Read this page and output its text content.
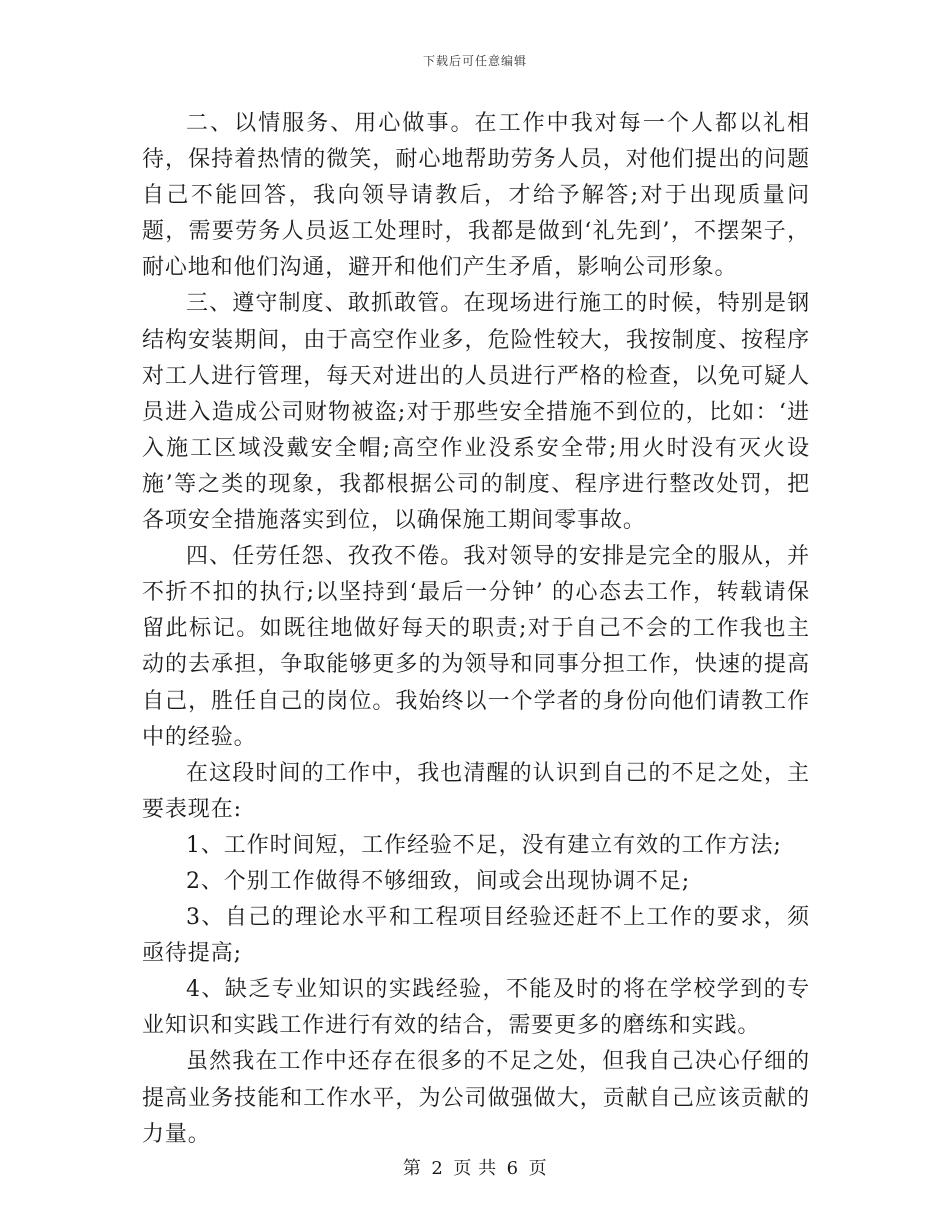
下载后可任意编辑

二、以情服务、用心做事。在工作中我对每一个人都以礼相待，保持着热情的微笑，耐心地帮助劳务人员，对他们提出的问题自己不能回答，我向领导请教后，才给予解答;对于出现质量问题，需要劳务人员返工处理时，我都是做到‘礼先到’，不摆架子，耐心地和他们沟通，避开和他们产生矛盾，影响公司形象。

三、遵守制度、敢抓敢管。在现场进行施工的时候，特别是钢结构安装期间，由于高空作业多，危险性较大，我按制度、按程序对工人进行管理，每天对进出的人员进行严格的检查，以免可疑人员进入造成公司财物被盗;对于那些安全措施不到位的，比如：‘进入施工区域没戴安全帽;高空作业没系安全带;用火时没有灭火设施’等之类的现象，我都根据公司的制度、程序进行整改处罚，把各项安全措施落实到位，以确保施工期间零事故。

四、任劳任怨、孜孜不倦。我对领导的安排是完全的服从，并不折不扣的执行;以坚持到‘最后一分钟’ 的心态去工作，转载请保留此标记。如既往地做好每天的职责;对于自己不会的工作我也主动的去承担，争取能够更多的为领导和同事分担工作，快速的提高自己，胜任自己的岗位。我始终以一个学者的身份向他们请教工作中的经验。

在这段时间的工作中，我也清醒的认识到自己的不足之处，主要表现在:

1、工作时间短，工作经验不足，没有建立有效的工作方法;

2、个别工作做得不够细致，间或会出现协调不足;

3、自己的理论水平和工程项目经验还赶不上工作的要求，须亟待提高;

4、缺乏专业知识的实践经验，不能及时的将在学校学到的专业知识和实践工作进行有效的结合，需要更多的磨练和实践。

虽然我在工作中还存在很多的不足之处，但我自己决心仔细的提高业务技能和工作水平，为公司做强做大，贡献自己应该贡献的力量。

第 2 页 共 6 页
